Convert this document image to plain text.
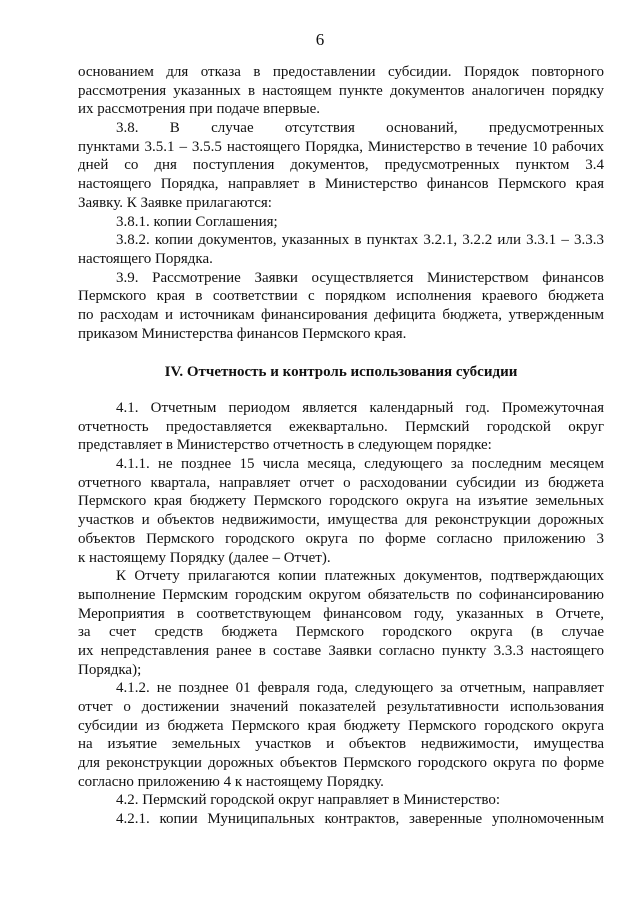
6
основанием для отказа в предоставлении субсидии. Порядок повторного
рассмотрения указанных в настоящем пункте документов аналогичен порядку
их рассмотрения при подаче впервые.
3.8. В случае отсутствия оснований, предусмотренных
пунктами 3.5.1 – 3.5.5 настоящего Порядка, Министерство в течение 10 рабочих
дней со дня поступления документов, предусмотренных пунктом 3.4
настоящего Порядка, направляет в Министерство финансов Пермского края
Заявку. К Заявке прилагаются:
3.8.1. копии Соглашения;
3.8.2. копии документов, указанных в пунктах 3.2.1, 3.2.2 или 3.3.1 – 3.3.3
настоящего Порядка.
3.9. Рассмотрение Заявки осуществляется Министерством финансов
Пермского края в соответствии с порядком исполнения краевого бюджета
по расходам и источникам финансирования дефицита бюджета, утвержденным
приказом Министерства финансов Пермского края.
IV. Отчетность и контроль использования субсидии
4.1. Отчетным периодом является календарный год. Промежуточная
отчетность предоставляется ежеквартально. Пермский городской округ
представляет в Министерство отчетность в следующем порядке:
4.1.1. не позднее 15 числа месяца, следующего за последним месяцем
отчетного квартала, направляет отчет о расходовании субсидии из бюджета
Пермского края бюджету Пермского городского округа на изъятие земельных
участков и объектов недвижимости, имущества для реконструкции дорожных
объектов Пермского городского округа по форме согласно приложению 3
к настоящему Порядку (далее – Отчет).
К Отчету прилагаются копии платежных документов, подтверждающих
выполнение Пермским городским округом обязательств по софинансированию
Мероприятия в соответствующем финансовом году, указанных в Отчете,
за счет средств бюджета Пермского городского округа (в случае
их непредставления ранее в составе Заявки согласно пункту 3.3.3 настоящего
Порядка);
4.1.2. не позднее 01 февраля года, следующего за отчетным, направляет
отчет о достижении значений показателей результативности использования
субсидии из бюджета Пермского края бюджету Пермского городского округа
на изъятие земельных участков и объектов недвижимости, имущества
для реконструкции дорожных объектов Пермского городского округа по форме
согласно приложению 4 к настоящему Порядку.
4.2. Пермский городской округ направляет в Министерство:
4.2.1. копии Муниципальных контрактов, заверенные уполномоченным
